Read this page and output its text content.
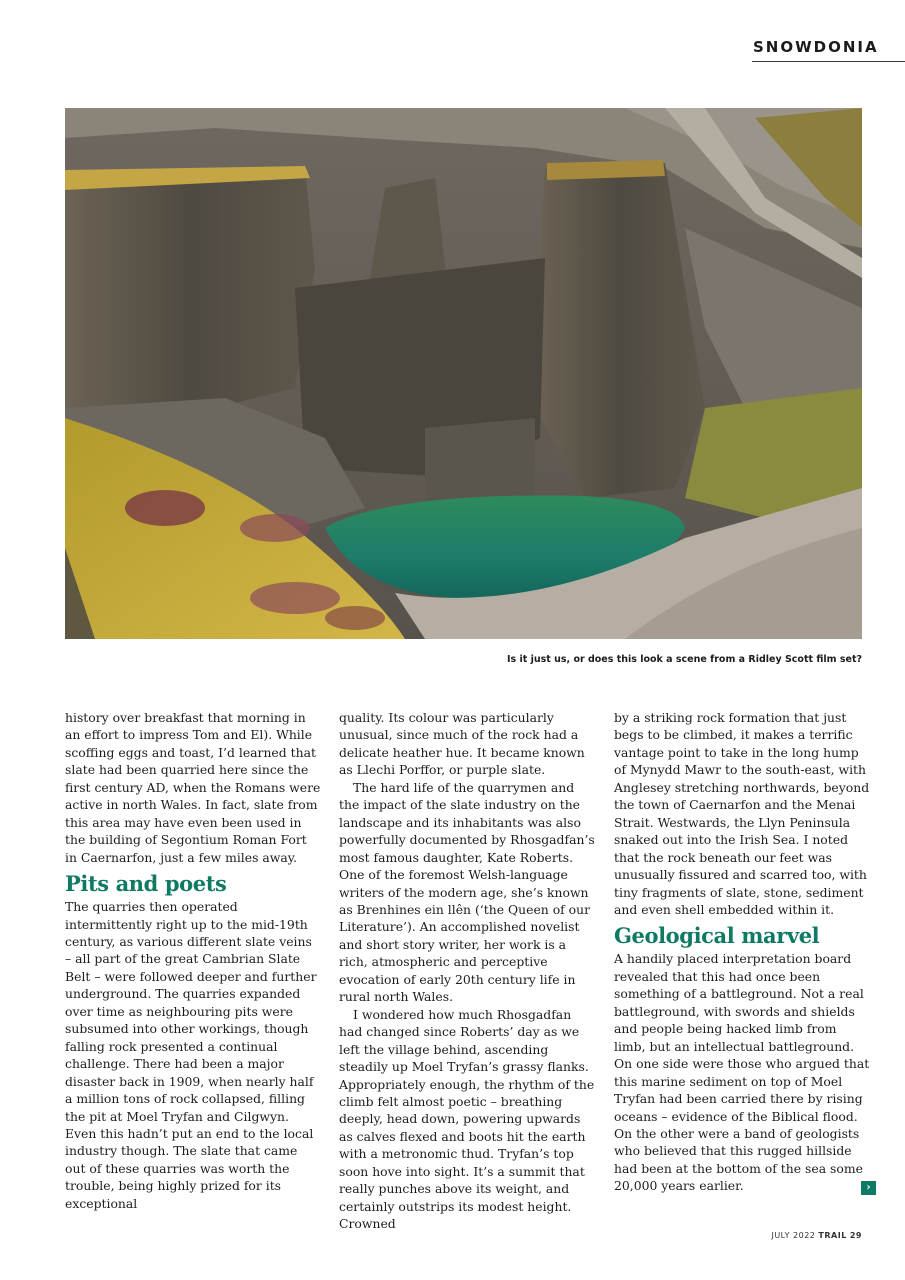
SNOWDONIA
Is it just us, or does this look a scene from a Ridley Scott film set?

history over breakfast that morning in an effort to impress Tom and El). While scoffing eggs and toast, I’d learned that slate had been quarried here since the first century AD, when the Romans were active in north Wales. In fact, slate from this area may have even been used in the building of Segontium Roman Fort in Caernarfon, just a few miles away.

Pits and poets

The quarries then operated intermittently right up to the mid-19th century, as various different slate veins – all part of the great Cambrian Slate Belt – were followed deeper and further underground. The quarries expanded over time as neighbouring pits were subsumed into other workings, though falling rock presented a continual challenge. There had been a major disaster back in 1909, when nearly half a million tons of rock collapsed, filling the pit at Moel Tryfan and Cilgwyn. Even this hadn’t put an end to the local industry though. The slate that came out of these quarries was worth the trouble, being highly prized for its exceptional

quality. Its colour was particularly unusual, since much of the rock had a delicate heather hue. It became known as Llechi Porffor, or purple slate.

The hard life of the quarrymen and the impact of the slate industry on the landscape and its inhabitants was also powerfully documented by Rhosgadfan’s most famous daughter, Kate Roberts. One of the foremost Welsh-language writers of the modern age, she’s known as Brenhines ein llên (‘the Queen of our Literature’). An accomplished novelist and short story writer, her work is a rich, atmospheric and perceptive evocation of early 20th century life in rural north Wales.

I wondered how much Rhosgadfan had changed since Roberts’ day as we left the village behind, ascending steadily up Moel Tryfan’s grassy flanks. Appropriately enough, the rhythm of the climb felt almost poetic – breathing deeply, head down, powering upwards as calves flexed and boots hit the earth with a metronomic thud. Tryfan’s top soon hove into sight. It’s a summit that really punches above its weight, and certainly outstrips its modest height. Crowned

by a striking rock formation that just begs to be climbed, it makes a terrific vantage point to take in the long hump of Mynydd Mawr to the south-east, with Anglesey stretching northwards, beyond the town of Caernarfon and the Menai Strait. Westwards, the Llyn Peninsula snaked out into the Irish Sea. I noted that the rock beneath our feet was unusually fissured and scarred too, with tiny fragments of slate, stone, sediment and even shell embedded within it.

Geological marvel

A handily placed interpretation board revealed that this had once been something of a battleground. Not a real battleground, with swords and shields and people being hacked limb from limb, but an intellectual battleground. On one side were those who argued that this marine sediment on top of Moel Tryfan had been carried there by rising oceans – evidence of the Biblical flood. On the other were a band of geologists who believed that this rugged hillside had been at the bottom of the sea some 20,000 years earlier.	›
JULY 2022 TRAIL 29
